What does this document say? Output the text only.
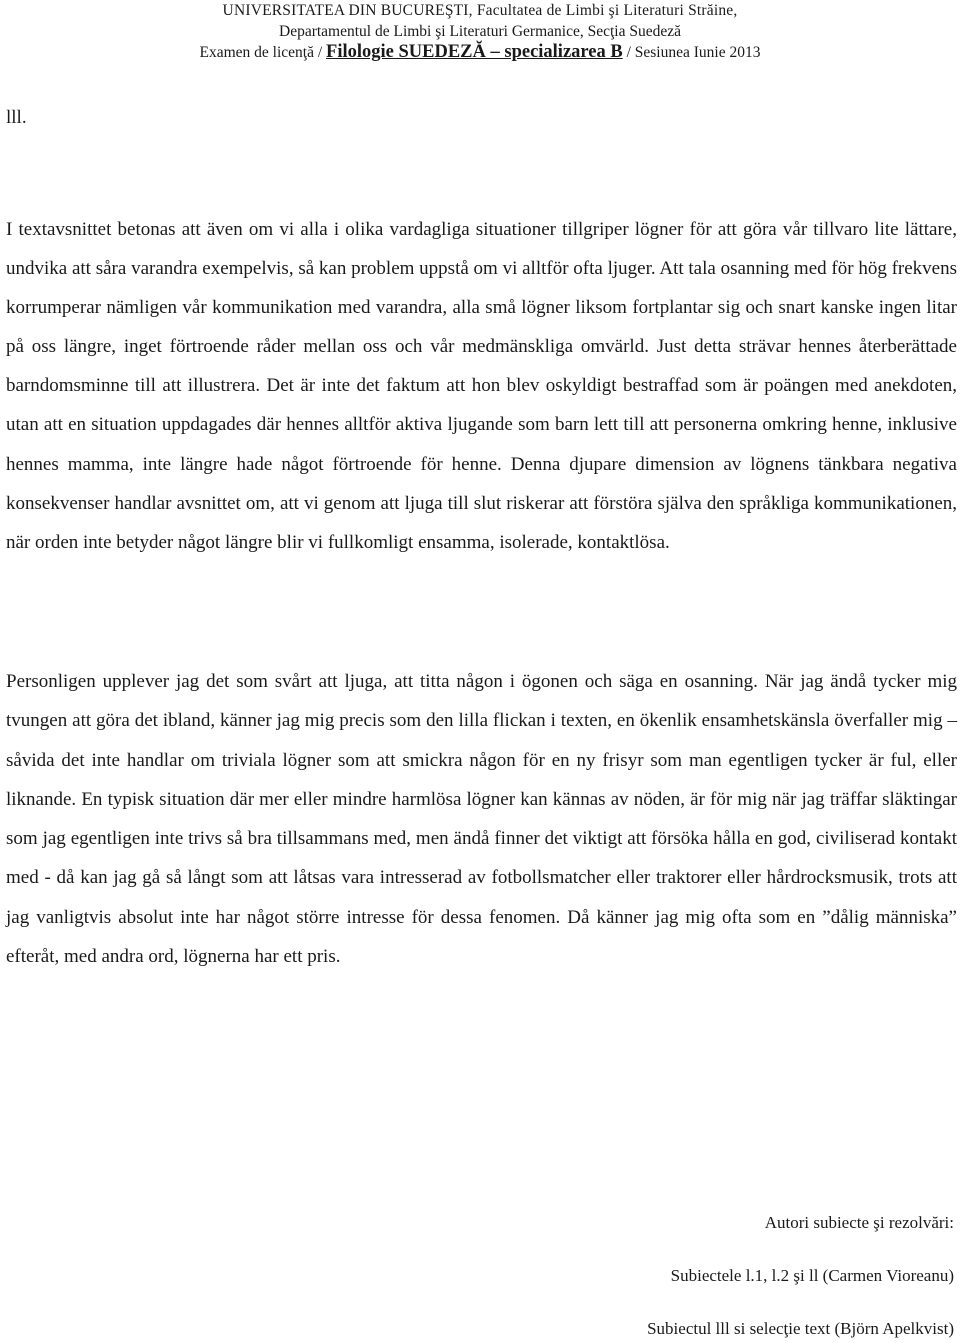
UNIVERSITATEA DIN BUCUREŞTI, Facultatea de Limbi şi Literaturi Străine,
Departamentul de Limbi şi Literaturi Germanice, Secţia Suedeză
Examen de licenţă / Filologie SUEDEZĂ – specializarea B / Sesiunea Iunie 2013
lll.

I textavsnittet betonas att även om vi alla i olika vardagliga situationer tillgriper lögner för att göra vår tillvaro lite lättare, undvika att såra varandra exempelvis, så kan problem uppstå om vi alltför ofta ljuger. Att tala osanning med för hög frekvens korrumperar nämligen vår kommunikation med varandra, alla små lögner liksom fortplantar sig och snart kanske ingen litar på oss längre, inget förtroende råder mellan oss och vår medmänskliga omvärld. Just detta strävar hennes återberättade barndomsminne till att illustrera. Det är inte det faktum att hon blev oskyldigt bestraffad som är poängen med anekdoten, utan att en situation uppdagades där hennes alltför aktiva ljugande som barn lett till att personerna omkring henne, inklusive hennes mamma, inte längre hade något förtroende för henne. Denna djupare dimension av lögnens tänkbara negativa konsekvenser handlar avsnittet om, att vi genom att ljuga till slut riskerar att förstöra själva den språkliga kommunikationen, när orden inte betyder något längre blir vi fullkomligt ensamma, isolerade, kontaktlösa.

Personligen upplever jag det som svårt att ljuga, att titta någon i ögonen och säga en osanning. När jag ändå tycker mig tvungen att göra det ibland, känner jag mig precis som den lilla flickan i texten, en ökenlik ensamhetskänsla överfaller mig – såvida det inte handlar om triviala lögner som att smickra någon för en ny frisyr som man egentligen tycker är ful, eller liknande. En typisk situation där mer eller mindre harmlösa lögner kan kännas av nöden, är för mig när jag träffar släktingar som jag egentligen inte trivs så bra tillsammans med, men ändå finner det viktigt att försöka hålla en god, civiliserad kontakt med - då kan jag gå så långt som att låtsas vara intresserad av fotbollsmatcher eller traktorer eller hårdrocksmusik, trots att jag vanligtvis absolut inte har något större intresse för dessa fenomen. Då känner jag mig ofta som en ”dålig människa” efteråt, med andra ord, lögnerna har ett pris.

Autori subiecte şi rezolvări:
Subiectele l.1, l.2 şi ll (Carmen Vioreanu)
Subiectul lll si selecţie text (Björn Apelkvist)
